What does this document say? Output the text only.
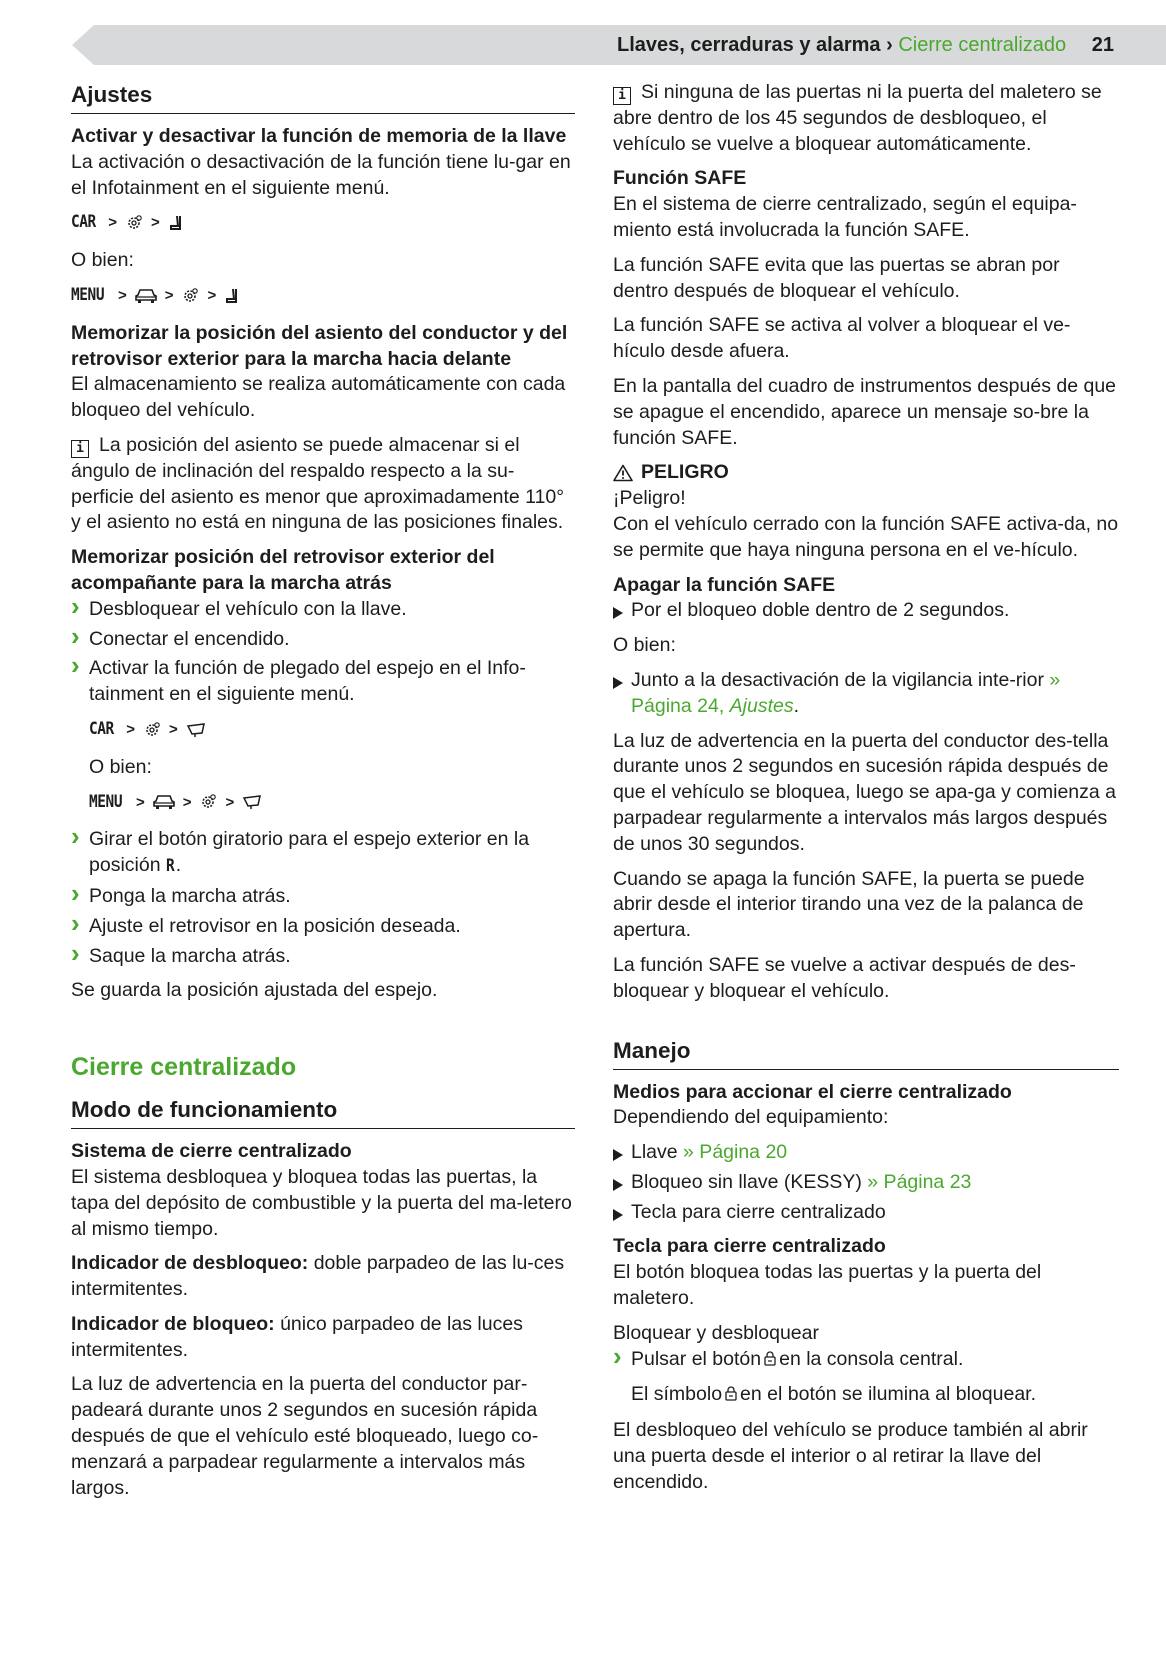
Llaves, cerraduras y alarma › Cierre centralizado 21
Ajustes
Activar y desactivar la función de memoria de la llave
La activación o desactivación de la función tiene lu-gar en el Infotainment en el siguiente menú.
CAR > >

O bien:

MENU >	> >
Memorizar la posición del asiento del conductor y del retrovisor exterior para la marcha hacia delante
El almacenamiento se realiza automáticamente con cada bloqueo del vehículo.

i La posición del asiento se puede almacenar si el ángulo de inclinación del respaldo respecto a la su-perficie del asiento es menor que aproximadamente 110° y el asiento no está en ninguna de las posiciones finales.

Memorizar posición del retrovisor exterior del acompañante para la marcha atrás
› Desbloquear el vehículo con la llave.
› Conectar el encendido.
› Activar la función de plegado del espejo en el Info-tainment en el siguiente menú.
CAR > >

O bien:

MENU >	> >
› Girar el botón giratorio para el espejo exterior en la posición R.
› Ponga la marcha atrás.
› Ajuste el retrovisor en la posición deseada.
› Saque la marcha atrás.

Se guarda la posición ajustada del espejo.

Cierre centralizado
Modo de funcionamiento
Sistema de cierre centralizado
El sistema desbloquea y bloquea todas las puertas, la tapa del depósito de combustible y la puerta del ma-letero al mismo tiempo.

Indicador de desbloqueo: doble parpadeo de las lu-ces intermitentes.

Indicador de bloqueo: único parpadeo de las luces intermitentes.

La luz de advertencia en la puerta del conductor par-padeará durante unos 2 segundos en sucesión rápida después de que el vehículo esté bloqueado, luego co-menzará a parpadear regularmente a intervalos más largos.

i Si ninguna de las puertas ni la puerta del maletero se abre dentro de los 45 segundos de desbloqueo, el vehículo se vuelve a bloquear automáticamente.

Función SAFE
En el sistema de cierre centralizado, según el equipa-miento está involucrada la función SAFE.

La función SAFE evita que las puertas se abran por dentro después de bloquear el vehículo.

La función SAFE se activa al volver a bloquear el ve-hículo desde afuera.

En la pantalla del cuadro de instrumentos después de que se apague el encendido, aparece un mensaje so-bre la función SAFE.

PELIGRO
¡Peligro!
Con el vehículo cerrado con la función SAFE activa-da, no se permite que haya ninguna persona en el ve-hículo.
Apagar la función SAFE
Por el bloqueo doble dentro de 2 segundos.

O bien:

Junto a la desactivación de la vigilancia inte-rior » Página 24, Ajustes.

La luz de advertencia en la puerta del conductor des-tella durante unos 2 segundos en sucesión rápida después de que el vehículo se bloquea, luego se apa-ga y comienza a parpadear regularmente a intervalos más largos después de unos 30 segundos.

Cuando se apaga la función SAFE, la puerta se puede abrir desde el interior tirando una vez de la palanca de apertura.

La función SAFE se vuelve a activar después de des-bloquear y bloquear el vehículo.

Manejo
Medios para accionar el cierre centralizado
Dependiendo del equipamiento:
Llave » Página 20
Bloqueo sin llave (KESSY) » Página 23
Tecla para cierre centralizado
Tecla para cierre centralizado
El botón bloquea todas las puertas y la puerta del maletero.
Bloquear y desbloquear
› Pulsar el botón en la consola central.

El símbolo en el botón se ilumina al bloquear.

El desbloqueo del vehículo se produce también al abrir una puerta desde el interior o al retirar la llave del encendido.
